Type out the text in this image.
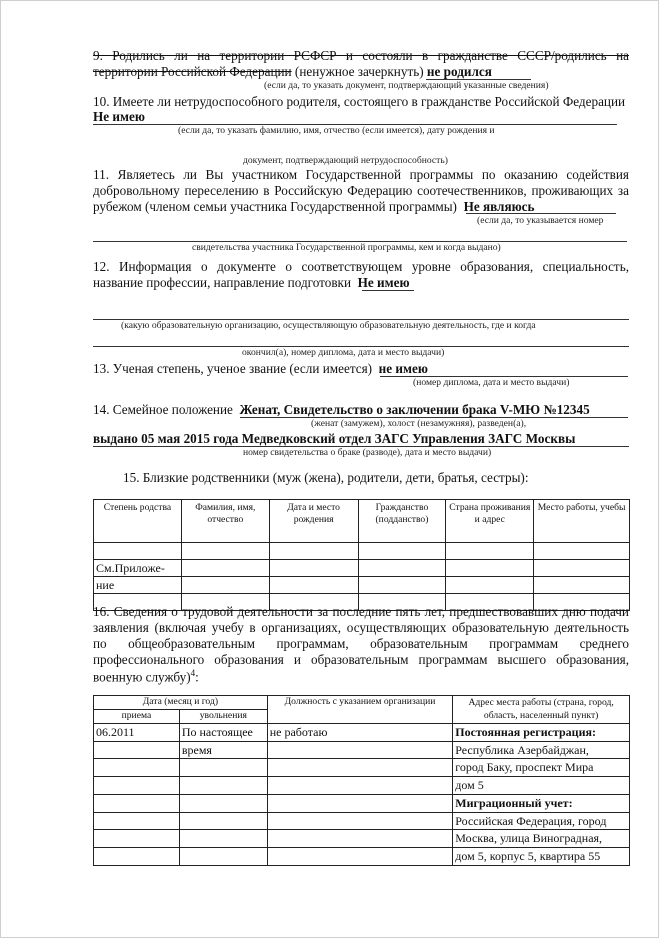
9. Родились ли на территории РСФСР и состояли в гражданстве СССР/родились на
территории Российской Федерации (ненужное зачеркнуть) не родился
(если да, то указать документ, подтверждающий указанные сведения)
10. Имеете ли нетрудоспособного родителя, состоящего в гражданстве Российской Федерации
Не имею
(если да, то указать фамилию, имя, отчество (если имеется), дату рождения и
документ, подтверждающий нетрудоспособность)
11. Являетесь ли Вы участником Государственной программы по оказанию содействия
добровольному переселению в Российскую Федерацию соотечественников, проживающих за
рубежом (членом семьи участника Государственной программы) Не являюсь
(если да, то указывается номер
свидетельства участника Государственной программы, кем и когда выдано)
12. Информация о документе о соответствующем уровне образования, специальность,
название профессии, направление подготовки Не имею
(какую образовательную организацию, осуществляющую образовательную деятельность, где и когда
окончил(а), номер диплома, дата и место выдачи)
13. Ученая степень, ученое звание (если имеется) не имею
(номер диплома, дата и место выдачи)
14. Семейное положение Женат, Свидетельство о заключении брака V-МЮ №12345
(женат (замужем), холост (незамужняя), разведен(а),
выдано 05 мая 2015 года Медведковский отдел ЗАГС Управления ЗАГС Москвы
номер свидетельства о браке (разводе), дата и место выдачи)
15. Близкие родственники (муж (жена), родители, дети, братья, сестры):
Степень родства	Фамилия, имя, отчество	Дата и место рождения	Гражданство (подданство)	Страна проживания и адрес	Место работы, учебы

См.Приложе-					
ние					

16. Сведения о трудовой деятельности за последние пять лет, предшествовавших дню подачи
заявления (включая учебу в организациях, осуществляющих образовательную деятельность
по общеобразовательным программам, образовательным программам среднего
профессионального образования и образовательным программам высшего образования,
военную службу)$^4$:
Дата (месяц и год)		Должность с указанием организации	Адрес места работы (страна, город, область, населенный пункт)
приема	увольнения		
06.2011	По настоящее	не работаю	Постоянная регистрация:
	время		Республика Азербайджан,
			город Баку, проспект Мира
			дом 5
			Миграционный учет:
			Российская Федерация, город
			Москва, улица Виноградная,
			дом 5, корпус 5, квартира 55
